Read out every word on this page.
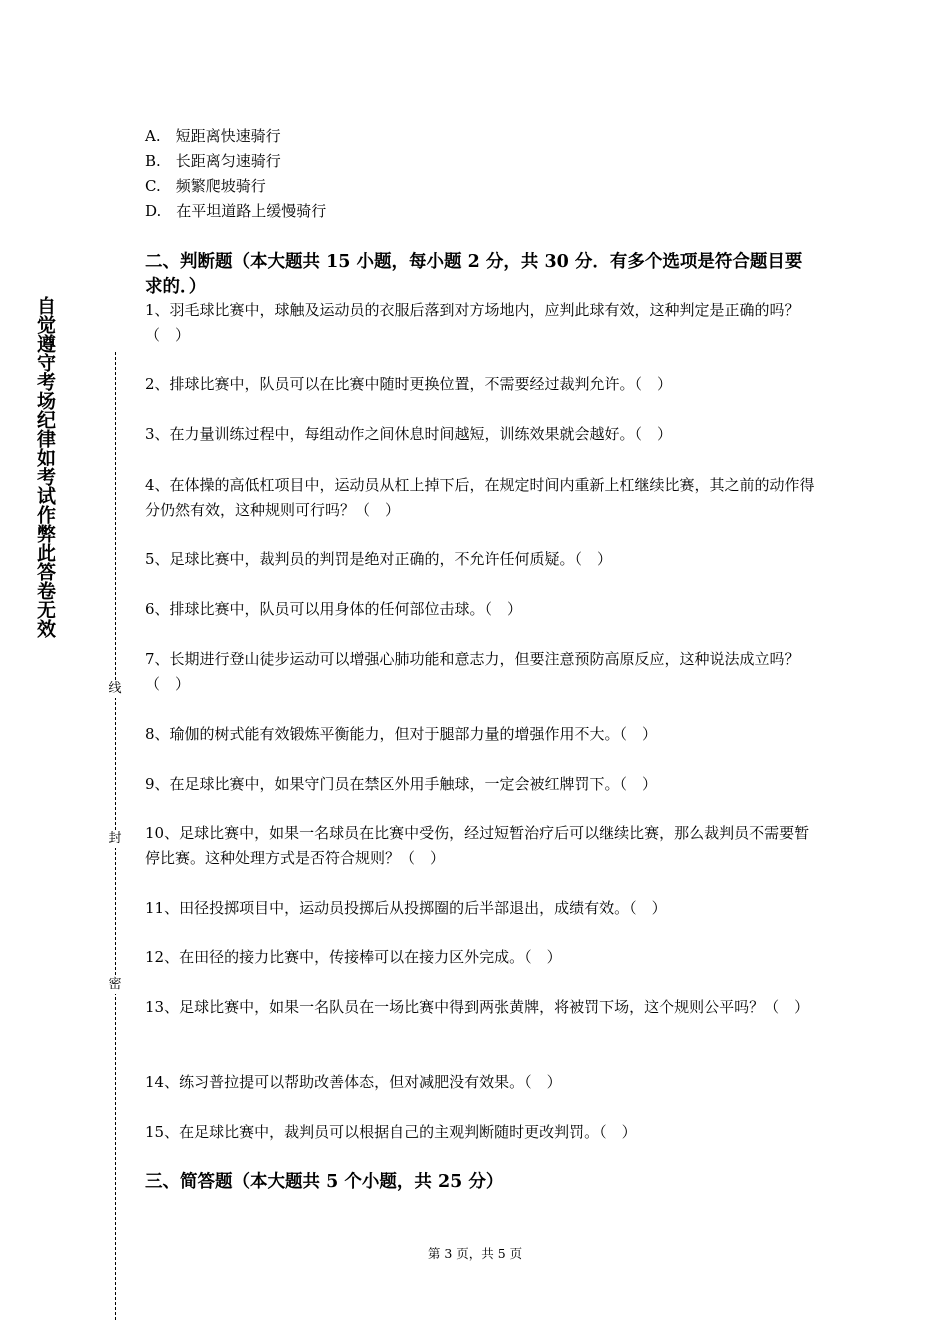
自觉遵守考场纪律如考试作弊此答卷无效
线
封
密
A.　短距离快速骑行
B.　长距离匀速骑行
C.　频繁爬坡骑行
D.　在平坦道路上缓慢骑行
二、判断题（本大题共 15 小题，每小题 2 分，共 30 分．有多个选项是符合题目要求的．）
1、羽毛球比赛中，球触及运动员的衣服后落到对方场地内，应判此球有效，这种判定是正确的吗？（　）
2、排球比赛中，队员可以在比赛中随时更换位置，不需要经过裁判允许。（　）
3、在力量训练过程中，每组动作之间休息时间越短，训练效果就会越好。（　）
4、在体操的高低杠项目中，运动员从杠上掉下后，在规定时间内重新上杠继续比赛，其之前的动作得分仍然有效，这种规则可行吗？（　）
5、足球比赛中，裁判员的判罚是绝对正确的，不允许任何质疑。（　）
6、排球比赛中，队员可以用身体的任何部位击球。（　）
7、长期进行登山徒步运动可以增强心肺功能和意志力，但要注意预防高原反应，这种说法成立吗？（　）
8、瑜伽的树式能有效锻炼平衡能力，但对于腿部力量的增强作用不大。（　）
9、在足球比赛中，如果守门员在禁区外用手触球，一定会被红牌罚下。（　）
10、足球比赛中，如果一名球员在比赛中受伤，经过短暂治疗后可以继续比赛，那么裁判员不需要暂停比赛。这种处理方式是否符合规则？（　）
11、田径投掷项目中，运动员投掷后从投掷圈的后半部退出，成绩有效。（　）
12、在田径的接力比赛中，传接棒可以在接力区外完成。（　）
13、足球比赛中，如果一名队员在一场比赛中得到两张黄牌，将被罚下场，这个规则公平吗？（　）
14、练习普拉提可以帮助改善体态，但对减肥没有效果。（　）
15、在足球比赛中，裁判员可以根据自己的主观判断随时更改判罚。（　）
三、简答题（本大题共 5 个小题，共 25 分）
第 3 页，共 5 页
